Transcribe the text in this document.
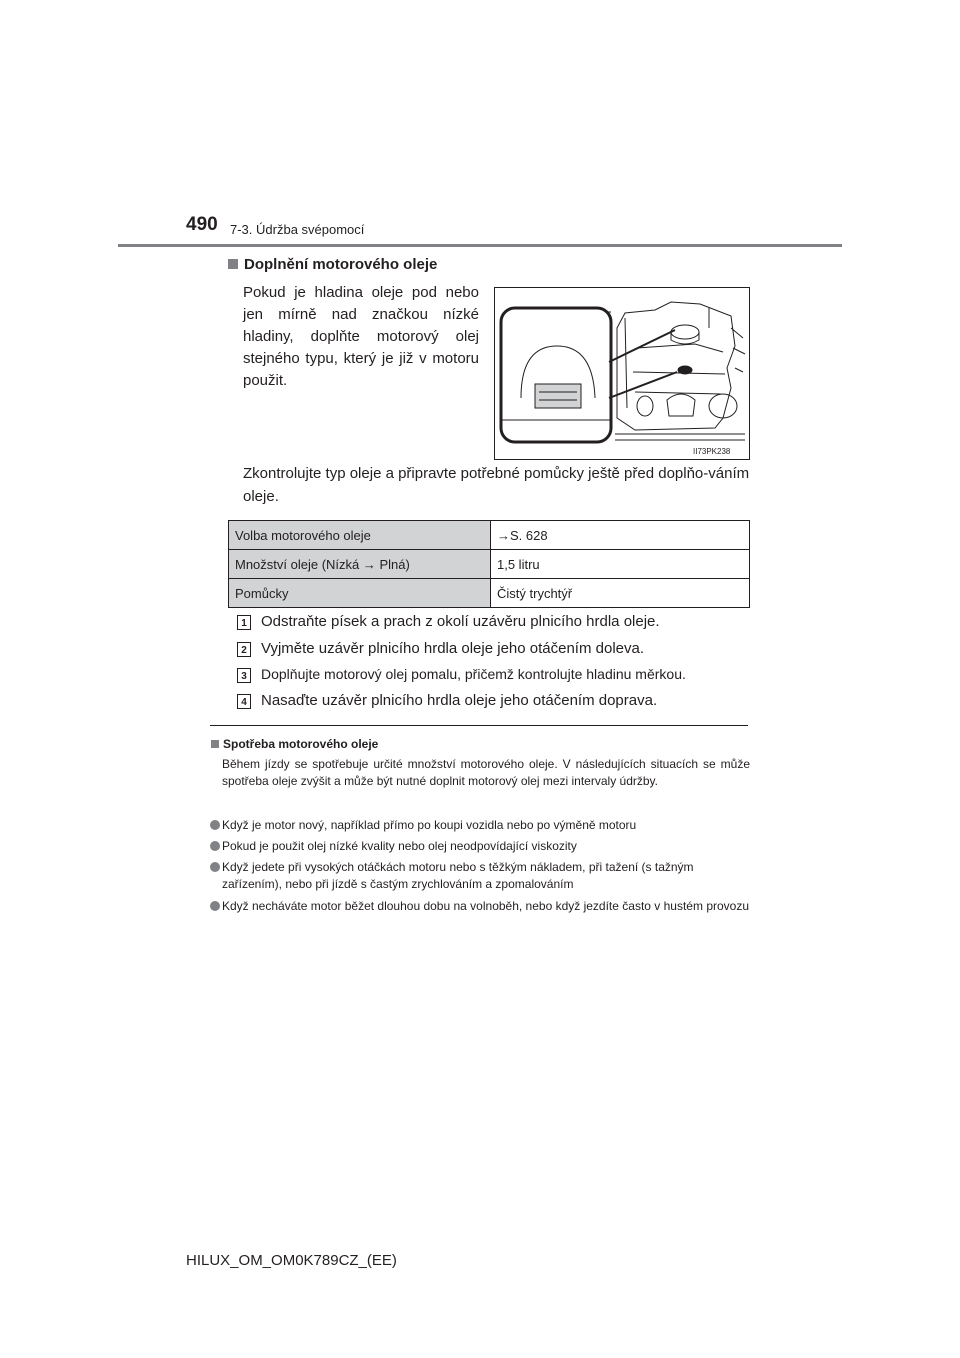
490 7-3. Údržba svépomocí
Doplnění motorového oleje
Pokud je hladina oleje pod nebo jen mírně nad značkou nízké hladiny, doplňte motorový olej stejného typu, který je již v motoru použit.
II73PK238
Zkontrolujte typ oleje a připravte potřebné pomůcky ještě před doplňo-váním oleje.
Volba motorového oleje	→S. 628
Množství oleje (Nízká → Plná)	1,5 litru
Pomůcky	Čistý trychtýř
1 Odstraňte písek a prach z okolí uzávěru plnicího hrdla oleje.
2 Vyjměte uzávěr plnicího hrdla oleje jeho otáčením doleva.
3	Doplňujte motorový olej pomalu, přičemž kontrolujte hladinu měrkou.
4 Nasaďte uzávěr plnicího hrdla oleje jeho otáčením doprava.
Spotřeba motorového oleje
Během jízdy se spotřebuje určité množství motorového oleje. V následujících situacích se může spotřeba oleje zvýšit a může být nutné doplnit motorový olej mezi intervaly údržby.
Když je motor nový, například přímo po koupi vozidla nebo po výměně motoru
Pokud je použit olej nízké kvality nebo olej neodpovídající viskozity
Když jedete při vysokých otáčkách motoru nebo s těžkým nákladem, při tažení (s tažným zařízením), nebo při jízdě s častým zrychlováním a zpomalováním
Když necháváte motor běžet dlouhou dobu na volnoběh, nebo když jezdíte často v hustém provozu
HILUX_OM_OM0K789CZ_(EE)
